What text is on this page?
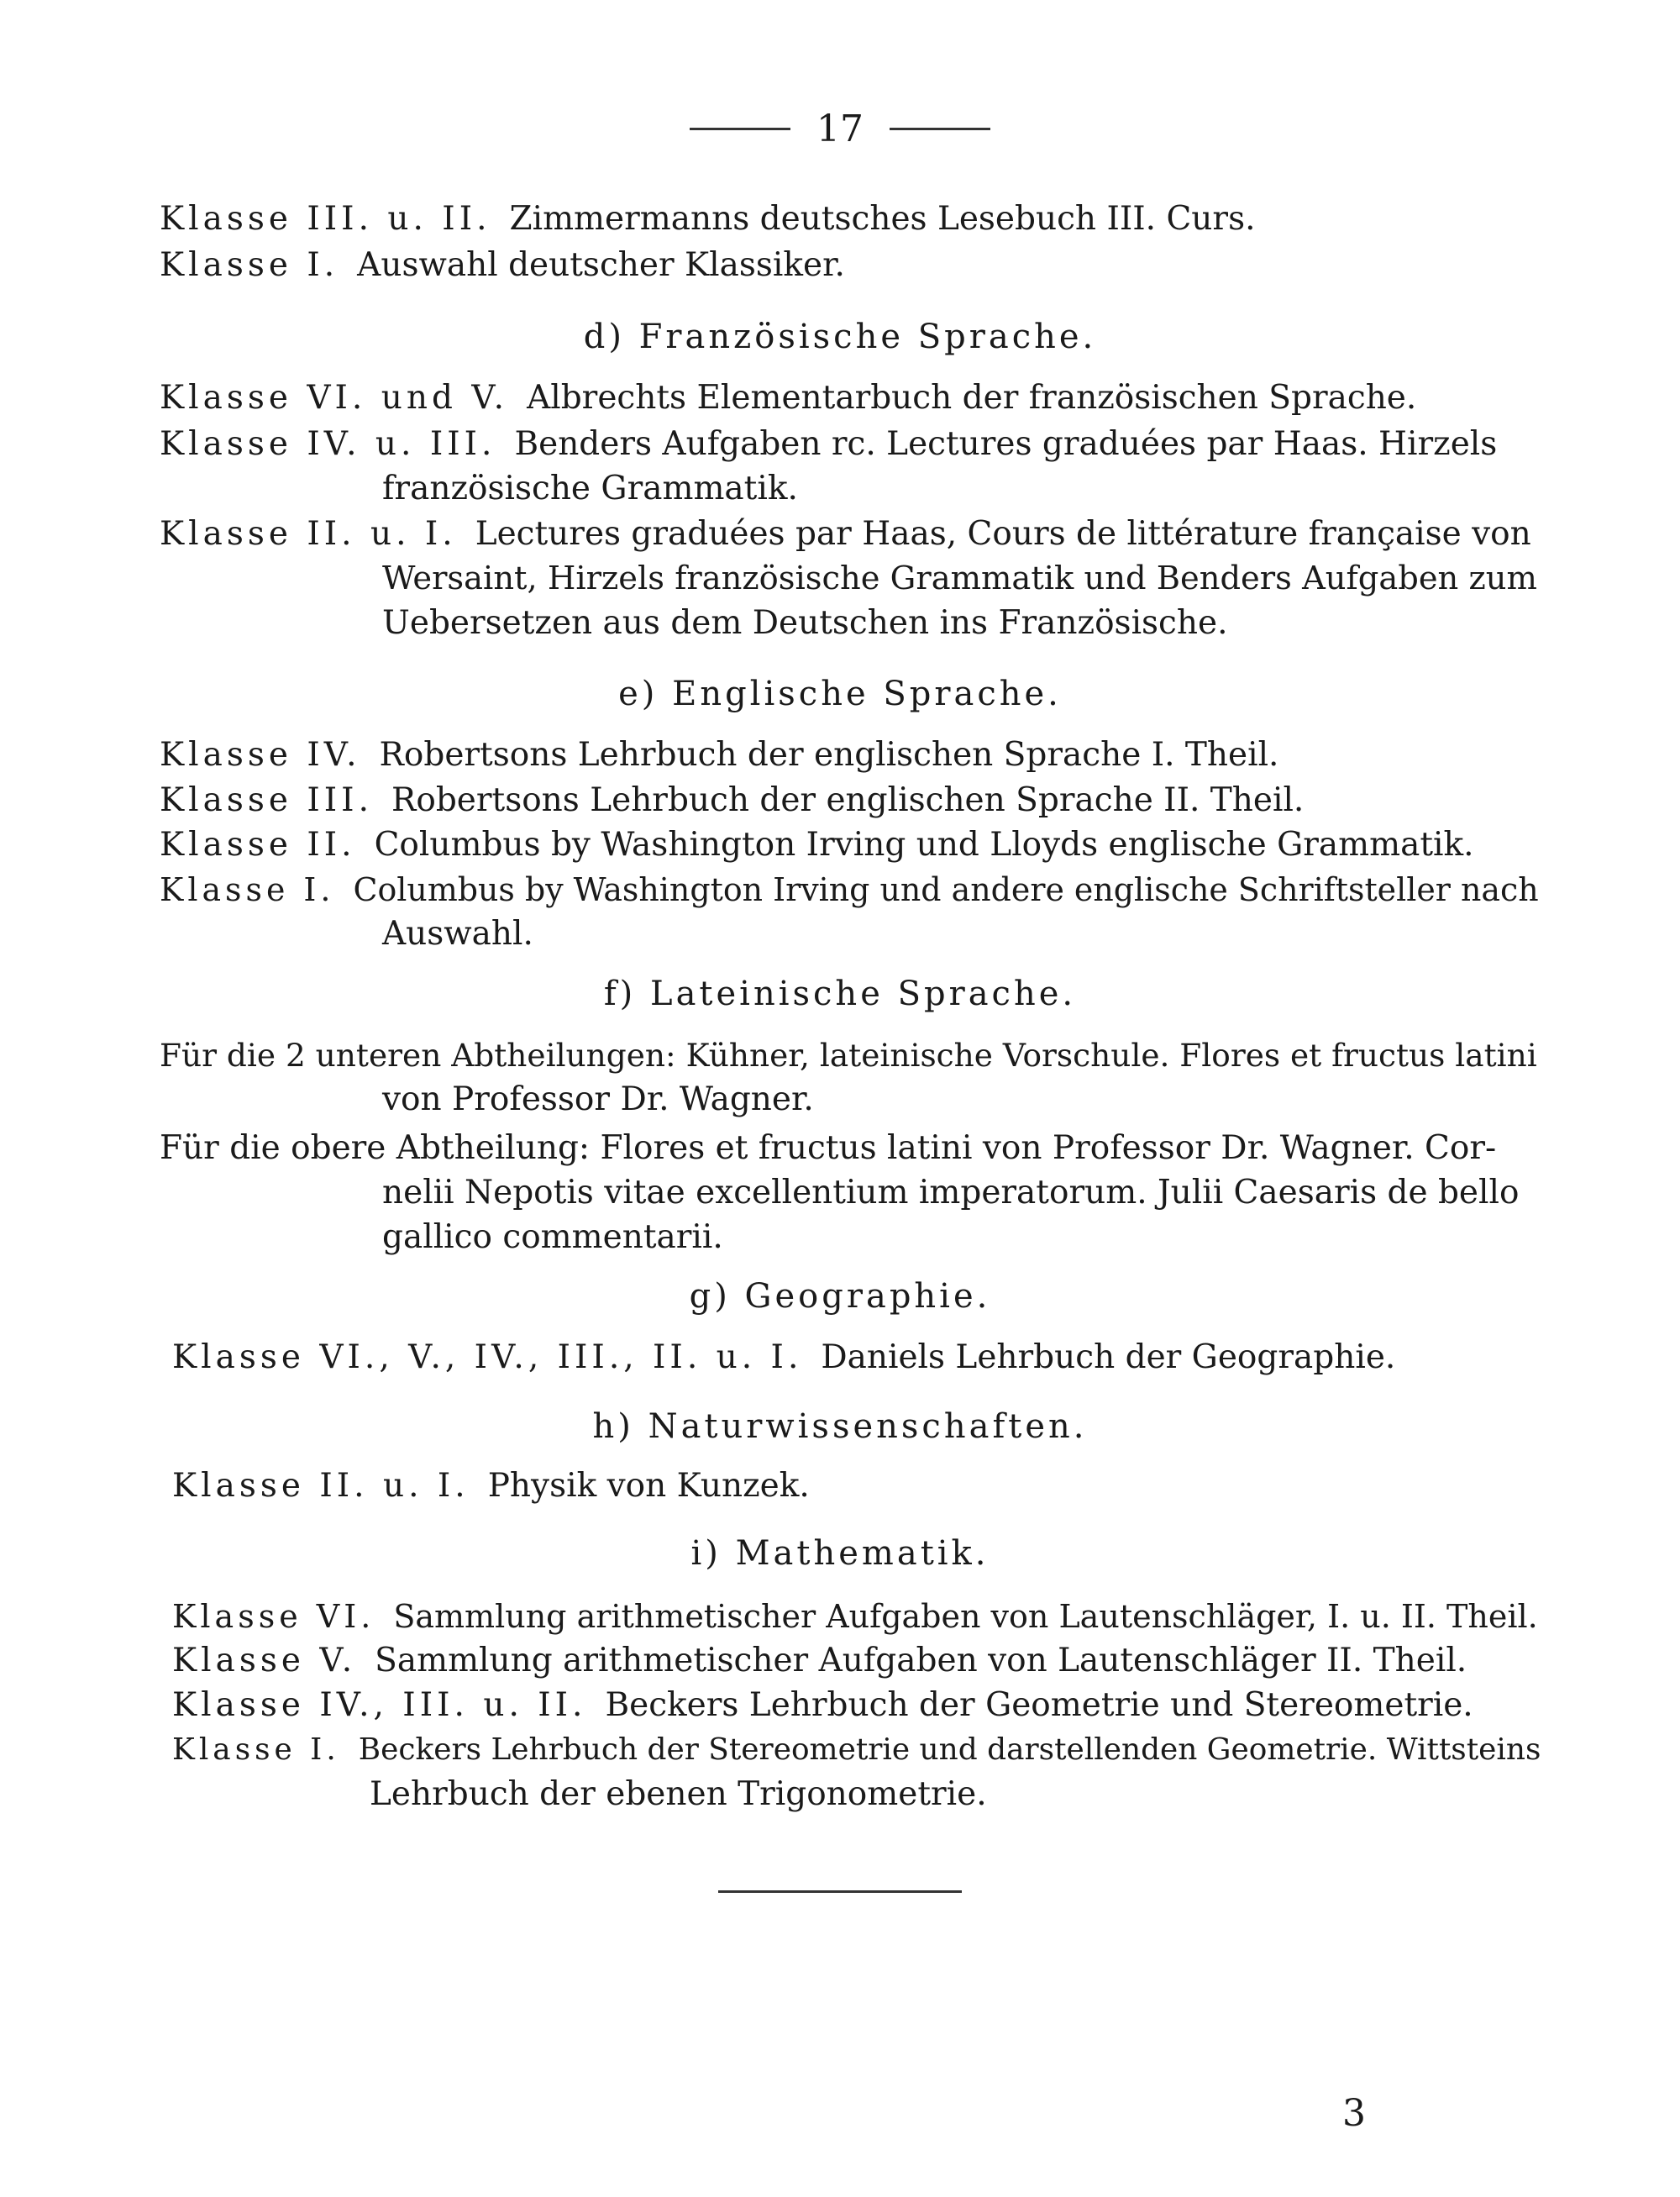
17
Klasse III. u. II. Zimmermanns deutsches Lesebuch III. Curs.
Klasse I. Auswahl deutscher Klassiker.
d) Französische Sprache.
Klasse VI. und V. Albrechts Elementarbuch der französischen Sprache.
Klasse IV. u. III. Benders Aufgaben rc. Lectures graduées par Haas. Hirzels
französische Grammatik.
Klasse II. u. I. Lectures graduées par Haas, Cours de littérature française von
Wersaint, Hirzels französische Grammatik und Benders Aufgaben zum
Uebersetzen aus dem Deutschen ins Französische.
e) Englische Sprache.
Klasse IV. Robertsons Lehrbuch der englischen Sprache I. Theil.
Klasse III. Robertsons Lehrbuch der englischen Sprache II. Theil.
Klasse II. Columbus by Washington Irving und Lloyds englische Grammatik.
Klasse I. Columbus by Washington Irving und andere englische Schriftsteller nach
Auswahl.
f) Lateinische Sprache.
Für die 2 unteren Abtheilungen: Kühner, lateinische Vorschule. Flores et fructus latini
von Professor Dr. Wagner.
Für die obere Abtheilung: Flores et fructus latini von Professor Dr. Wagner. Cor-
nelii Nepotis vitae excellentium imperatorum. Julii Caesaris de bello
gallico commentarii.
g) Geographie.
Klasse VI., V., IV., III., II. u. I. Daniels Lehrbuch der Geographie.
h) Naturwissenschaften.
Klasse II. u. I. Physik von Kunzek.
i) Mathematik.
Klasse VI. Sammlung arithmetischer Aufgaben von Lautenschläger, I. u. II. Theil.
Klasse V. Sammlung arithmetischer Aufgaben von Lautenschläger II. Theil.
Klasse IV., III. u. II. Beckers Lehrbuch der Geometrie und Stereometrie.
Klasse I. Beckers Lehrbuch der Stereometrie und darstellenden Geometrie. Wittsteins
Lehrbuch der ebenen Trigonometrie.
3
